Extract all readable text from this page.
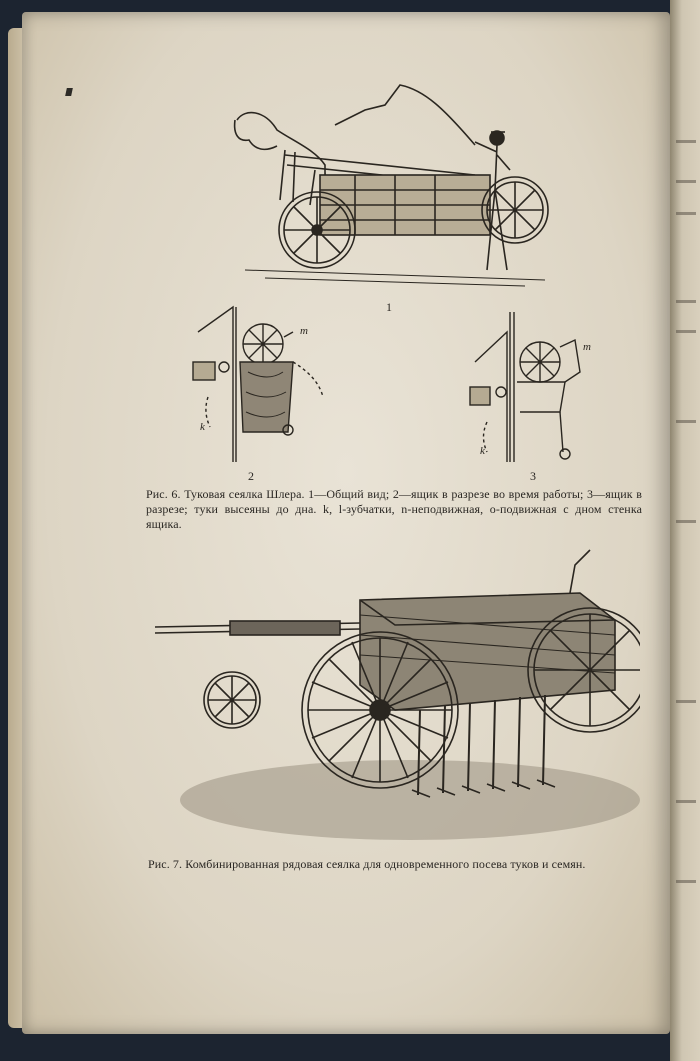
1
m
k
2
m
k
3
Рис. 6. Туковая сеялка Шлера. 1—Общий вид; 2—ящик в разрезе во время работы; 3—ящик в разрезе; туки высеяны до дна. k, l-зубчатки, n-неподвижная, o-подвижная с дном стенка ящика.
Рис. 7. Комбинированная рядовая сеялка для одновременного посева туков и семян.
